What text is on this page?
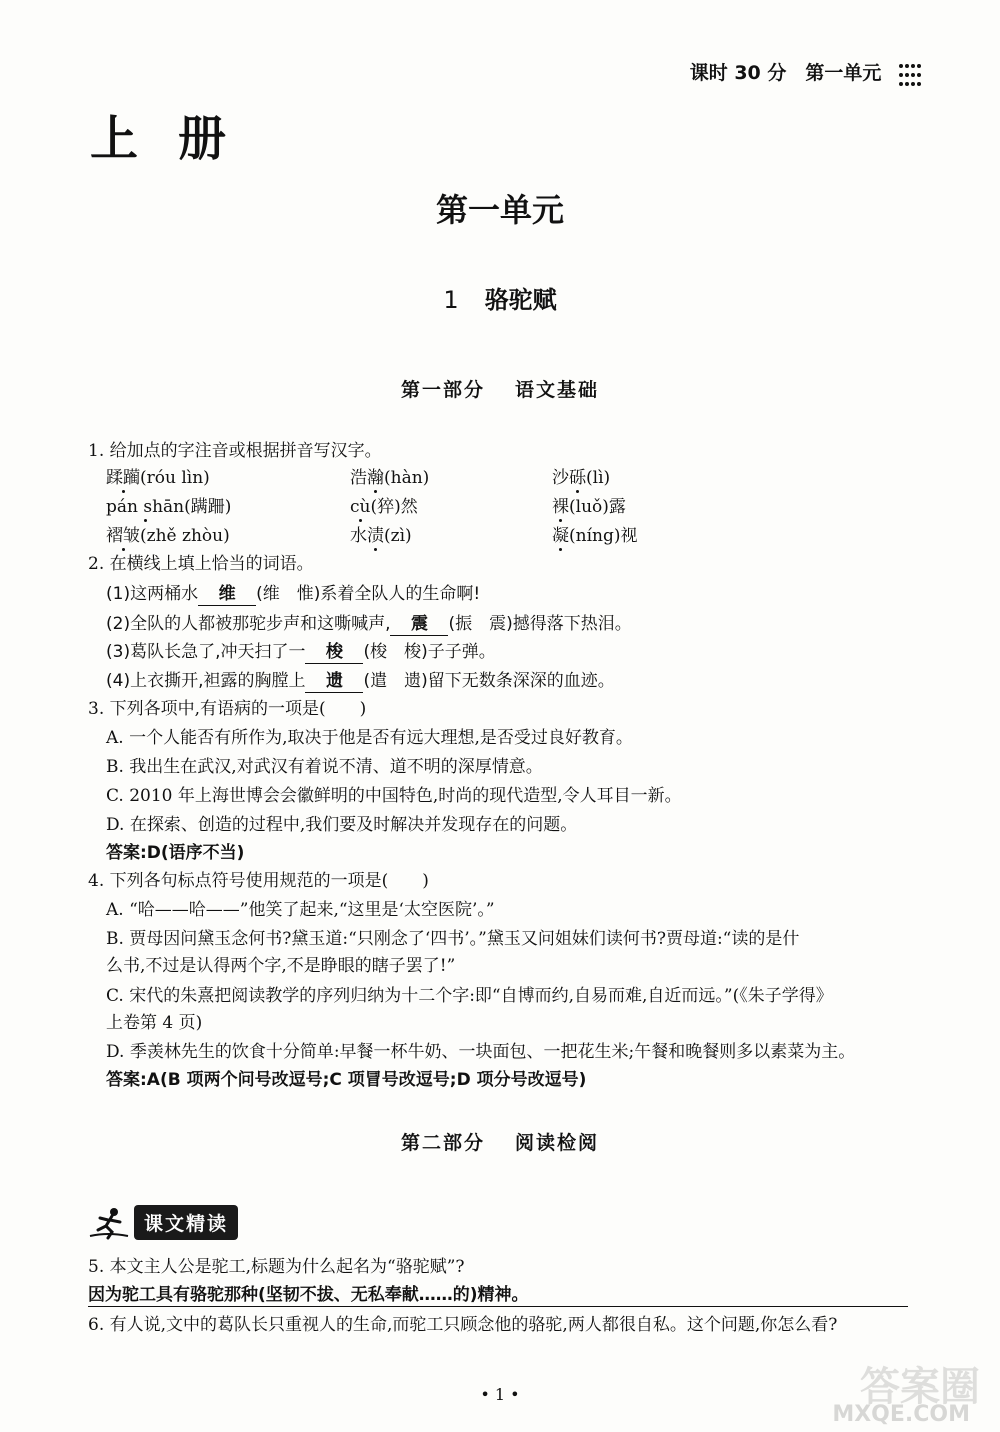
课时 30 分　第一单元

上册
第一单元
1 骆驼赋
第一部分 语文基础
1. 给加点的字注音或根据拼音写汉字。
蹂躏(róu lìn)	浩瀚(hàn)	沙砾(lì)
pán shān(蹒跚)	cù(猝)然	裸(luǒ)露
褶皱(zhě zhòu)	水渍(zì)	凝(níng)视
2. 在横线上填上恰当的词语。
(1)这两桶水 维 (维　惟)系着全队人的生命啊!
(2)全队的人都被那驼步声和这嘶喊声, 震 (振　震)撼得落下热泪。
(3)葛队长急了,冲天扫了一 梭 (梭　梭)子子弹。
(4)上衣撕开,袒露的胸膛上 遗 (遣　遗)留下无数条深深的血迹。
3. 下列各项中,有语病的一项是(　　)
A. 一个人能否有所作为,取决于他是否有远大理想,是否受过良好教育。
B. 我出生在武汉,对武汉有着说不清、道不明的深厚情意。
C. 2010 年上海世博会会徽鲜明的中国特色,时尚的现代造型,令人耳目一新。
D. 在探索、创造的过程中,我们要及时解决并发现存在的问题。
答案:D(语序不当)
4. 下列各句标点符号使用规范的一项是(　　)
A. “哈——哈——”他笑了起来,“这里是‘太空医院’。”
B. 贾母因问黛玉念何书?黛玉道:“只刚念了‘四书’。”黛玉又问姐妹们读何书?贾母道:“读的是什
么书,不过是认得两个字,不是睁眼的瞎子罢了!”
C. 宋代的朱熹把阅读教学的序列归纳为十二个字:即“自博而约,自易而难,自近而远。”(《朱子学得》
上卷第 4 页)
D. 季羡林先生的饮食十分简单:早餐一杯牛奶、一块面包、一把花生米;午餐和晚餐则多以素菜为主。
答案:A(B 项两个问号改逗号;C 项冒号改逗号;D 项分号改逗号)
第二部分 阅读检阅
课文精读
5. 本文主人公是驼工,标题为什么起名为“骆驼赋”?
因为驼工具有骆驼那种(坚韧不拔、无私奉献……的)精神。
6. 有人说,文中的葛队长只重视人的生命,而驼工只顾念他的骆驼,两人都很自私。这个问题,你怎么看?
• 1 •	答案圈
MXQE.COM
